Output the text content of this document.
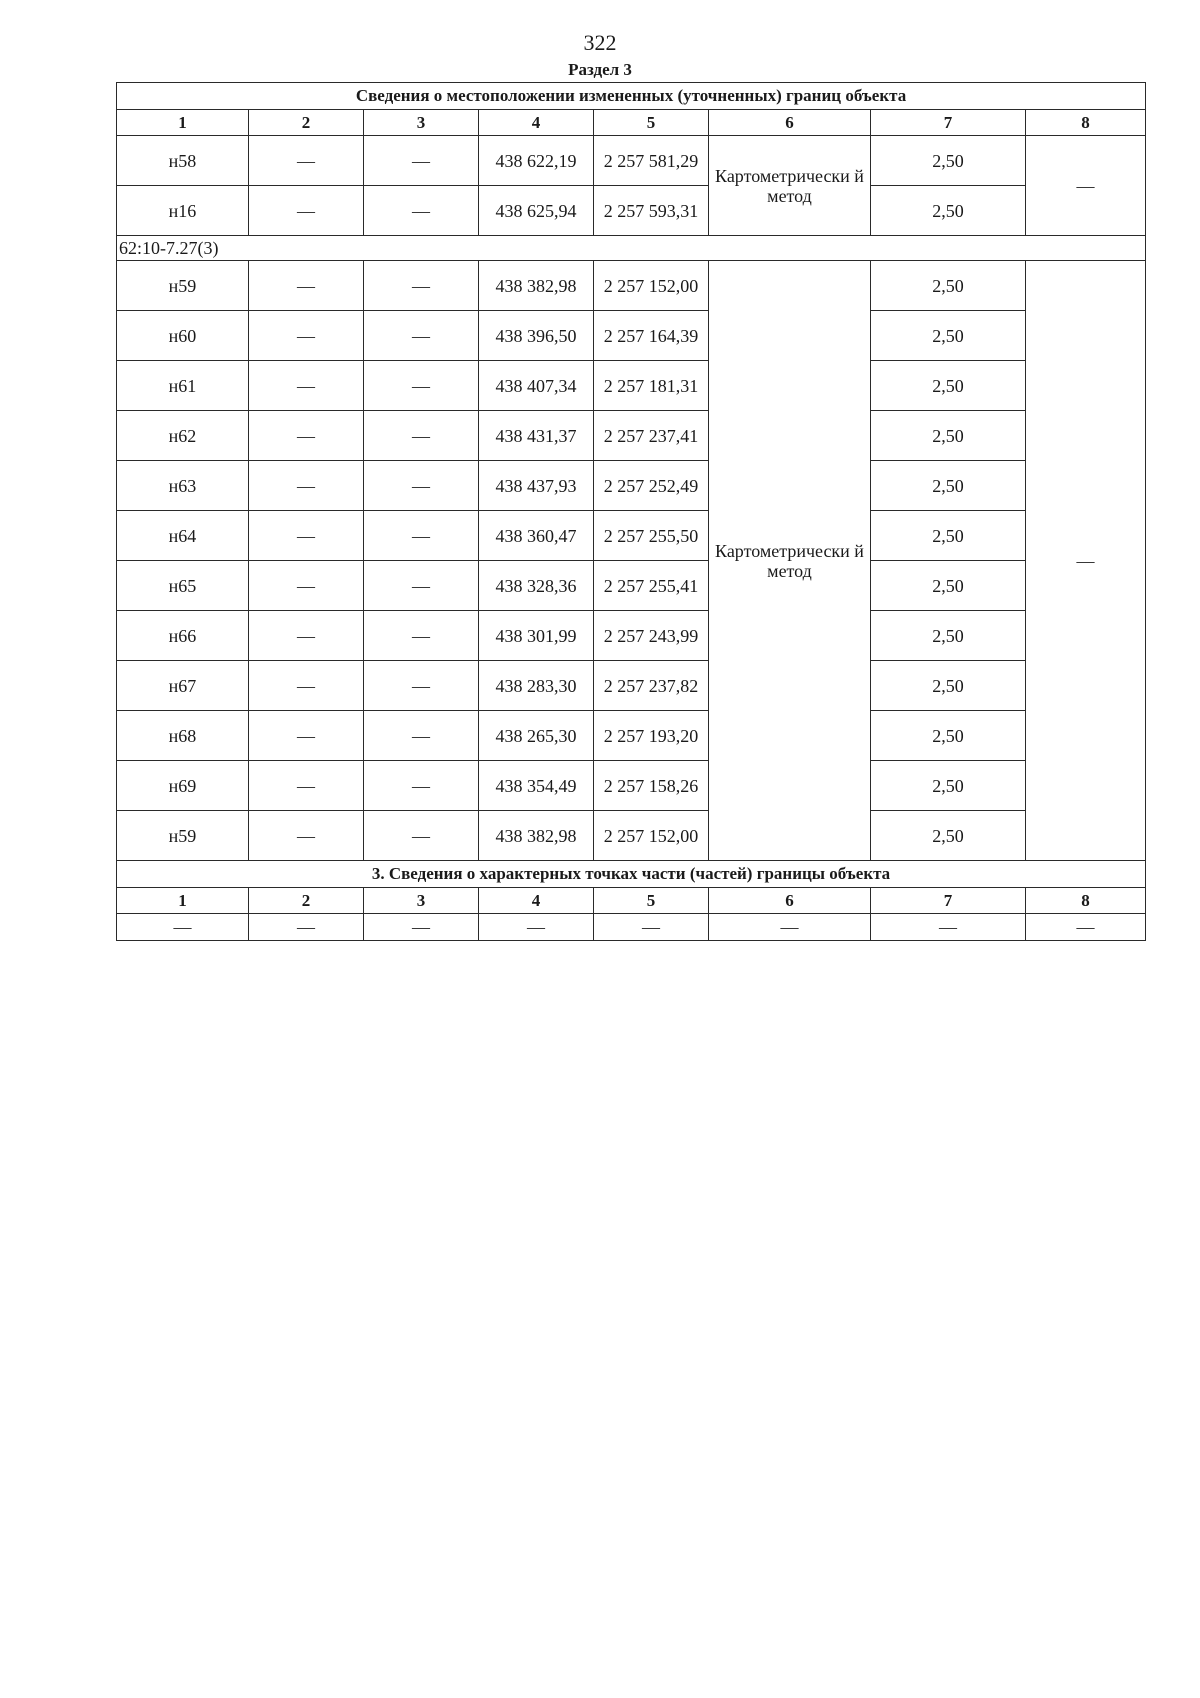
322
Раздел 3
Сведения о местоположении измененных (уточненных) границ объекта							
1	2	3	4	5	6	7	8
н58	—	—	438 622,19	2 257 581,29	Картометрически й метод	2,50	—
н16	—	—	438 625,94	2 257 593,31		2,50	
62:10-7.27(3)							
н59	—	—	438 382,98	2 257 152,00	Картометрически й метод	2,50	—
н60	—	—	438 396,50	2 257 164,39		2,50	
н61	—	—	438 407,34	2 257 181,31		2,50	
н62	—	—	438 431,37	2 257 237,41		2,50	
н63	—	—	438 437,93	2 257 252,49		2,50	
н64	—	—	438 360,47	2 257 255,50		2,50	
н65	—	—	438 328,36	2 257 255,41		2,50	
н66	—	—	438 301,99	2 257 243,99		2,50	
н67	—	—	438 283,30	2 257 237,82		2,50	
н68	—	—	438 265,30	2 257 193,20		2,50	
н69	—	—	438 354,49	2 257 158,26		2,50	
н59	—	—	438 382,98	2 257 152,00		2,50	
3. Сведения о характерных точках части (частей) границы объекта							
1	2	3	4	5	6	7	8
—	—	—	—	—	—	—	—
